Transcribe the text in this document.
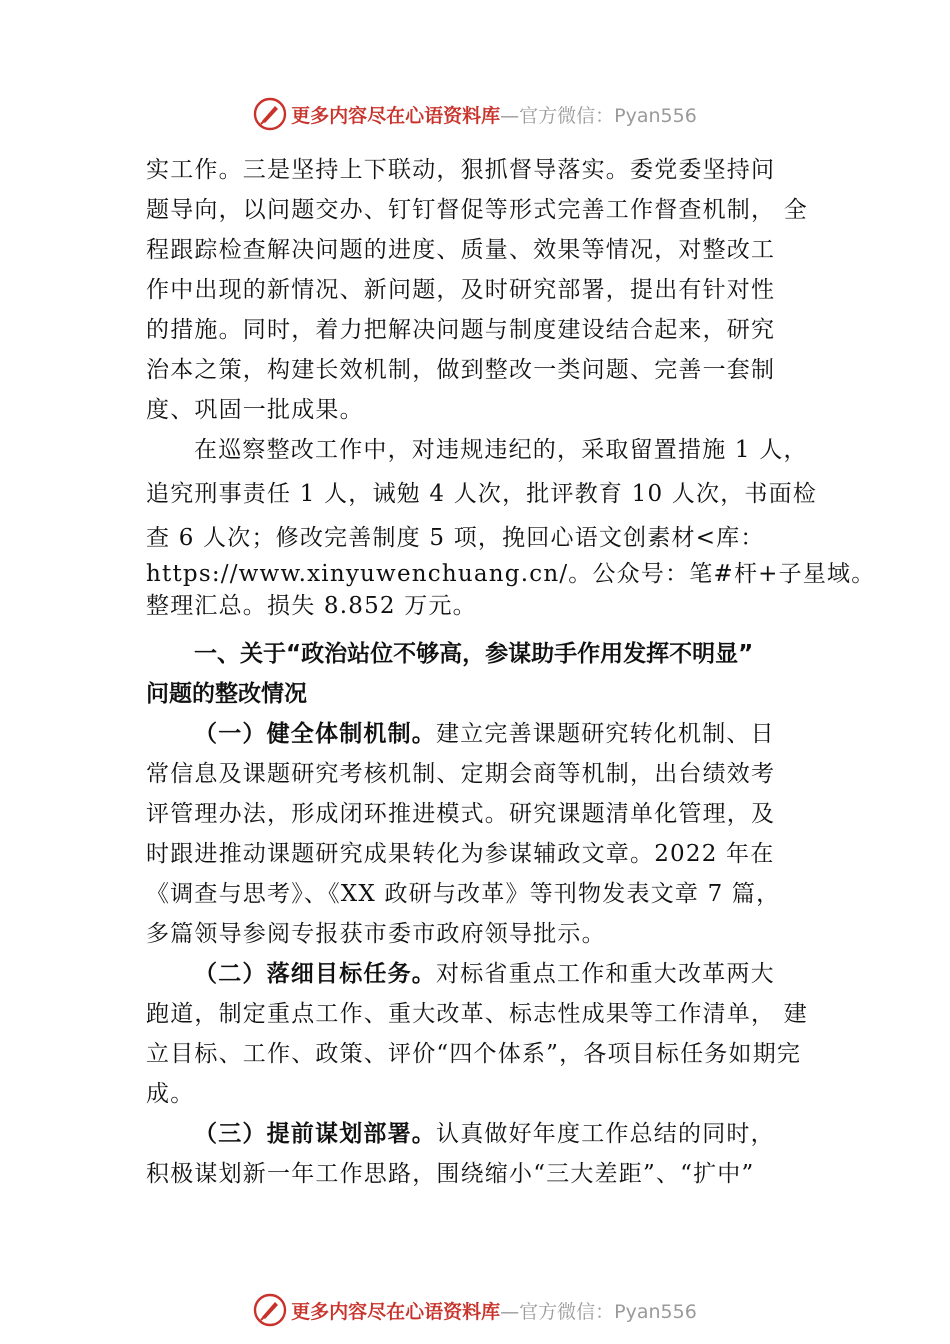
更多内容尽在心语资料库 —官方微信：Pyan556
实工作。三是坚持上下联动，狠抓督导落实。委党委坚持问
题导向，以问题交办、钉钉督促等形式完善工作督查机制， 全
程跟踪检查解决问题的进度、质量、效果等情况，对整改工
作中出现的新情况、新问题，及时研究部署，提出有针对性
的措施。同时，着力把解决问题与制度建设结合起来，研究
治本之策，构建长效机制，做到整改一类问题、完善一套制
度、巩固一批成果。
在巡察整改工作中，对违规违纪的，采取留置措施 1 人，
追究刑事责任 1 人，诫勉 4 人次，批评教育 10 人次，书面检
查 6 人次；修改完善制度 5 项，挽回心语文创素材<库：
https://www.xinyuwenchuang.cn/。公众号：笔#杆+子星域。
整理汇总。损失 8.852 万元。
一、关于“政治站位不够高，参谋助手作用发挥不明显”
问题的整改情况
（一）健全体制机制。建立完善课题研究转化机制、日
常信息及课题研究考核机制、定期会商等机制，出台绩效考
评管理办法，形成闭环推进模式。研究课题清单化管理，及
时跟进推动课题研究成果转化为参谋辅政文章。2022 年在
《调查与思考》、《XX 政研与改革》等刊物发表文章 7 篇，
多篇领导参阅专报获市委市政府领导批示。
（二）落细目标任务。对标省重点工作和重大改革两大
跑道，制定重点工作、重大改革、标志性成果等工作清单， 建
立目标、工作、政策、评价“四个体系”，各项目标任务如期完
成。
（三）提前谋划部署。认真做好年度工作总结的同时，
积极谋划新一年工作思路，围绕缩小“三大差距”、“扩中”
更多内容尽在心语资料库 —官方微信：Pyan556
